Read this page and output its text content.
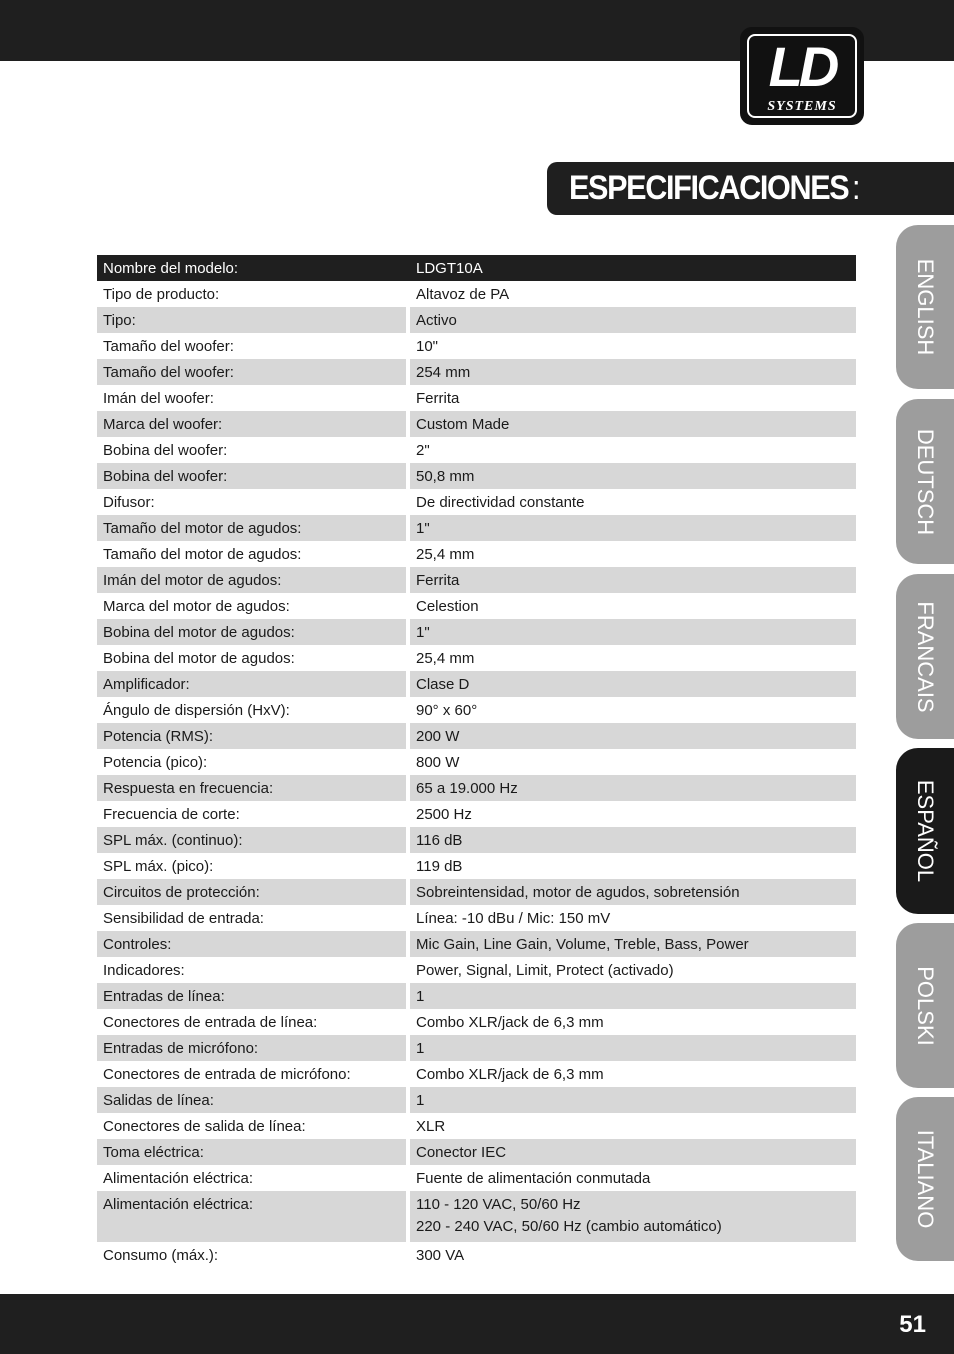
LD
SYSTEMS
ESPECIFICACIONES :
Nombre del modelo:	LDGT10A
Tipo de producto:	Altavoz de PA
Tipo:	Activo
Tamaño del woofer:	10"
Tamaño del woofer:	254 mm
Imán del woofer:	Ferrita
Marca del woofer:	Custom Made
Bobina del woofer:	2"
Bobina del woofer:	50,8 mm
Difusor:	De directividad constante
Tamaño del motor de agudos:	1"
Tamaño del motor de agudos:	25,4 mm
Imán del motor de agudos:	Ferrita
Marca del motor de agudos:	Celestion
Bobina del motor de agudos:	1"
Bobina del motor de agudos:	25,4 mm
Amplificador:	Clase D
Ángulo de dispersión (HxV):	90° x 60°
Potencia (RMS):	200 W
Potencia (pico):	800 W
Respuesta en frecuencia:	65 a 19.000 Hz
Frecuencia de corte:	2500 Hz
SPL máx. (continuo):	116 dB
SPL máx. (pico):	119 dB
Circuitos de protección:	Sobreintensidad, motor de agudos, sobretensión
Sensibilidad de entrada:	Línea: -10 dBu / Mic: 150 mV
Controles:	Mic Gain, Line Gain, Volume, Treble, Bass, Power
Indicadores:	Power, Signal, Limit, Protect (activado)
Entradas de línea:	1
Conectores de entrada de línea:	Combo XLR/jack de 6,3 mm
Entradas de micrófono:	1
Conectores de entrada de micrófono:	Combo XLR/jack de 6,3 mm
Salidas de línea:	1
Conectores de salida de línea:	XLR
Toma eléctrica:	Conector IEC
Alimentación eléctrica:	Fuente de alimentación conmutada
Alimentación eléctrica:	110 - 120 VAC, 50/60 Hz
220 - 240 VAC, 50/60 Hz (cambio automático)

Consumo (máx.):	300 VA
ENGLISH
DEUTSCH
FRANCAIS
ESPAÑOL
POLSKI
ITALIANO
51
